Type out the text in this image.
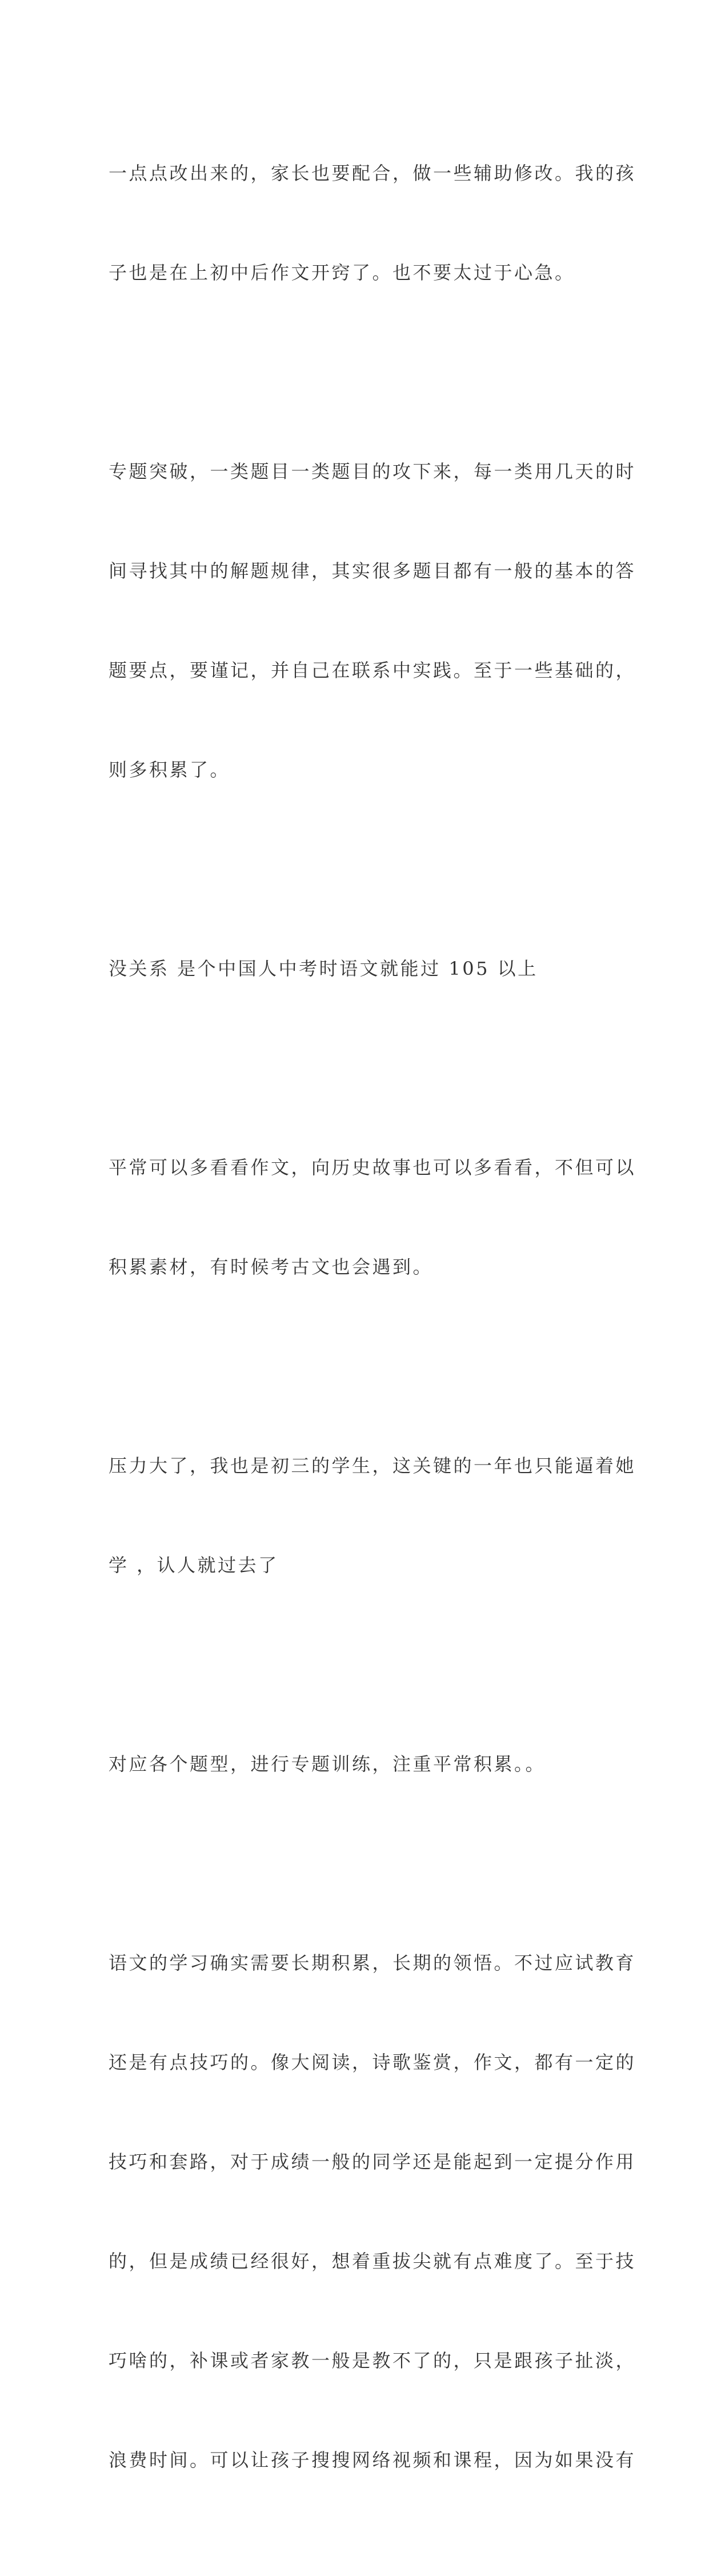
一点点改出来的，家长也要配合，做一些辅助修改。我的孩

子也是在上初中后作文开窍了。也不要太过于心急。

专题突破，一类题目一类题目的攻下来，每一类用几天的时

间寻找其中的解题规律，其实很多题目都有一般的基本的答

题要点，要谨记，并自己在联系中实践。至于一些基础的，

则多积累了。

没关系 是个中国人中考时语文就能过 105 以上

平常可以多看看作文，向历史故事也可以多看看，不但可以

积累素材，有时候考古文也会遇到。

压力大了，我也是初三的学生，这关键的一年也只能逼着她

学 ，认人就过去了

对应各个题型，进行专题训练，注重平常积累。。

语文的学习确实需要长期积累，长期的领悟。不过应试教育

还是有点技巧的。像大阅读，诗歌鉴赏，作文，都有一定的

技巧和套路，对于成绩一般的同学还是能起到一定提分作用

的，但是成绩已经很好，想着重拔尖就有点难度了。至于技

巧啥的，补课或者家教一般是教不了的，只是跟孩子扯淡，

浪费时间。可以让孩子搜搜网络视频和课程，因为如果没有
